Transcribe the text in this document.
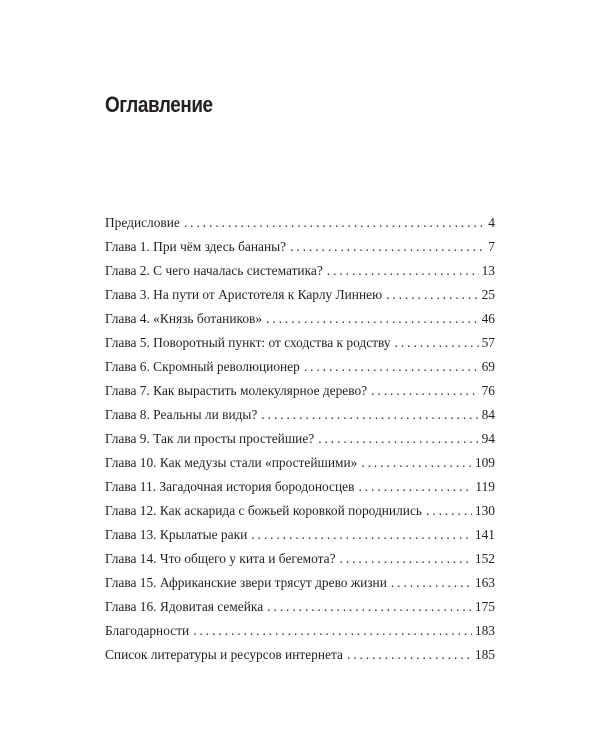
Оглавление
Предисловие . . .	4
Глава 1. При чём здесь бананы? . . .	7
Глава 2. С чего началась систематика? . . .	13
Глава 3. На пути от Аристотеля к Карлу Линнею . . .	25
Глава 4. «Князь ботаников» . . .	46
Глава 5. Поворотный пункт: от сходства к родству . . .	57
Глава 6. Скромный революционер . . .	69
Глава 7. Как вырастить молекулярное дерево? . . .	76
Глава 8. Реальны ли виды? . . .	84
Глава 9. Так ли просты простейшие? . . .	94
Глава 10. Как медузы стали «простейшими» . . .	109
Глава 11. Загадочная история бородоносцев . . .	119
Глава 12. Как аскарида с божьей коровкой породнились . . .	130
Глава 13. Крылатые раки . . .	141
Глава 14. Что общего у кита и бегемота? . . .	152
Глава 15. Африканские звери трясут древо жизни . . .	163
Глава 16. Ядовитая семейка . . .	175
Благодарности . . .	183
Список литературы и ресурсов интернета . . .	185
